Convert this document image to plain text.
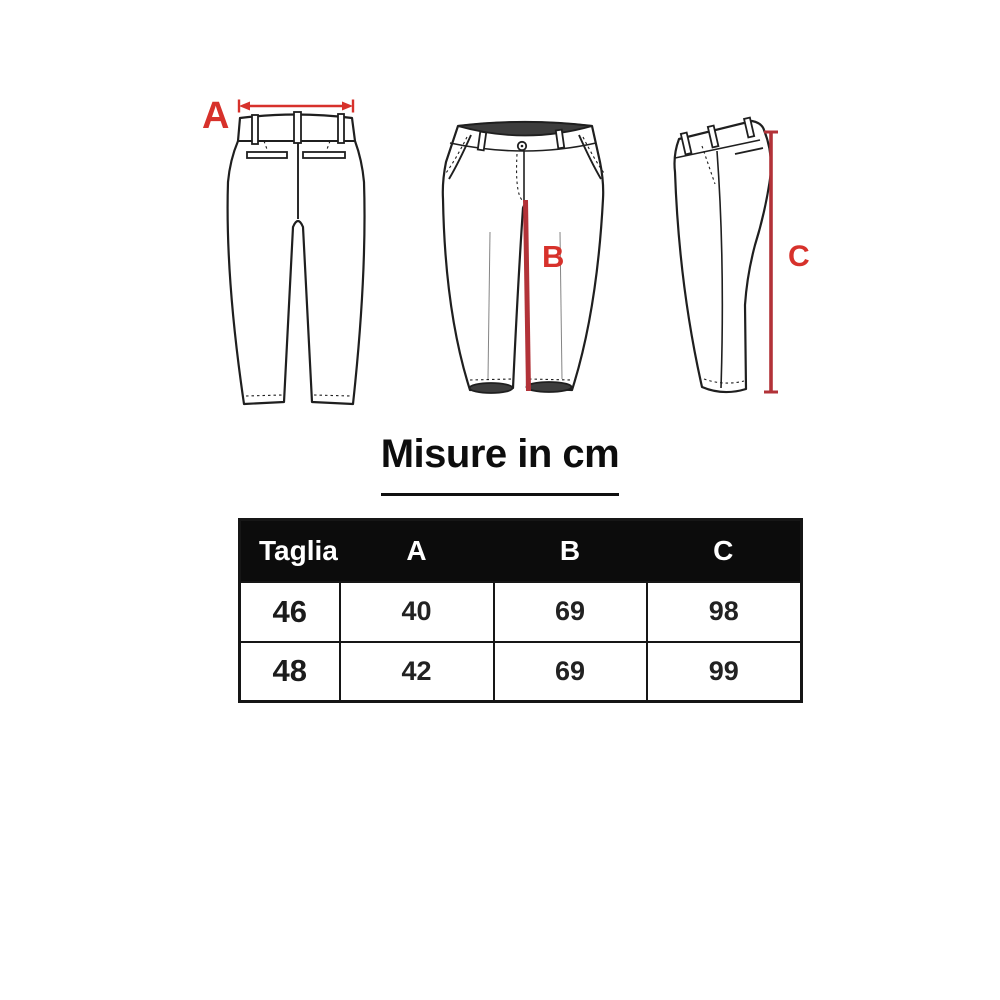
A
B	C
Misure in cm
Taglia	A	B	C
46	40	69	98
48	42	69	99
